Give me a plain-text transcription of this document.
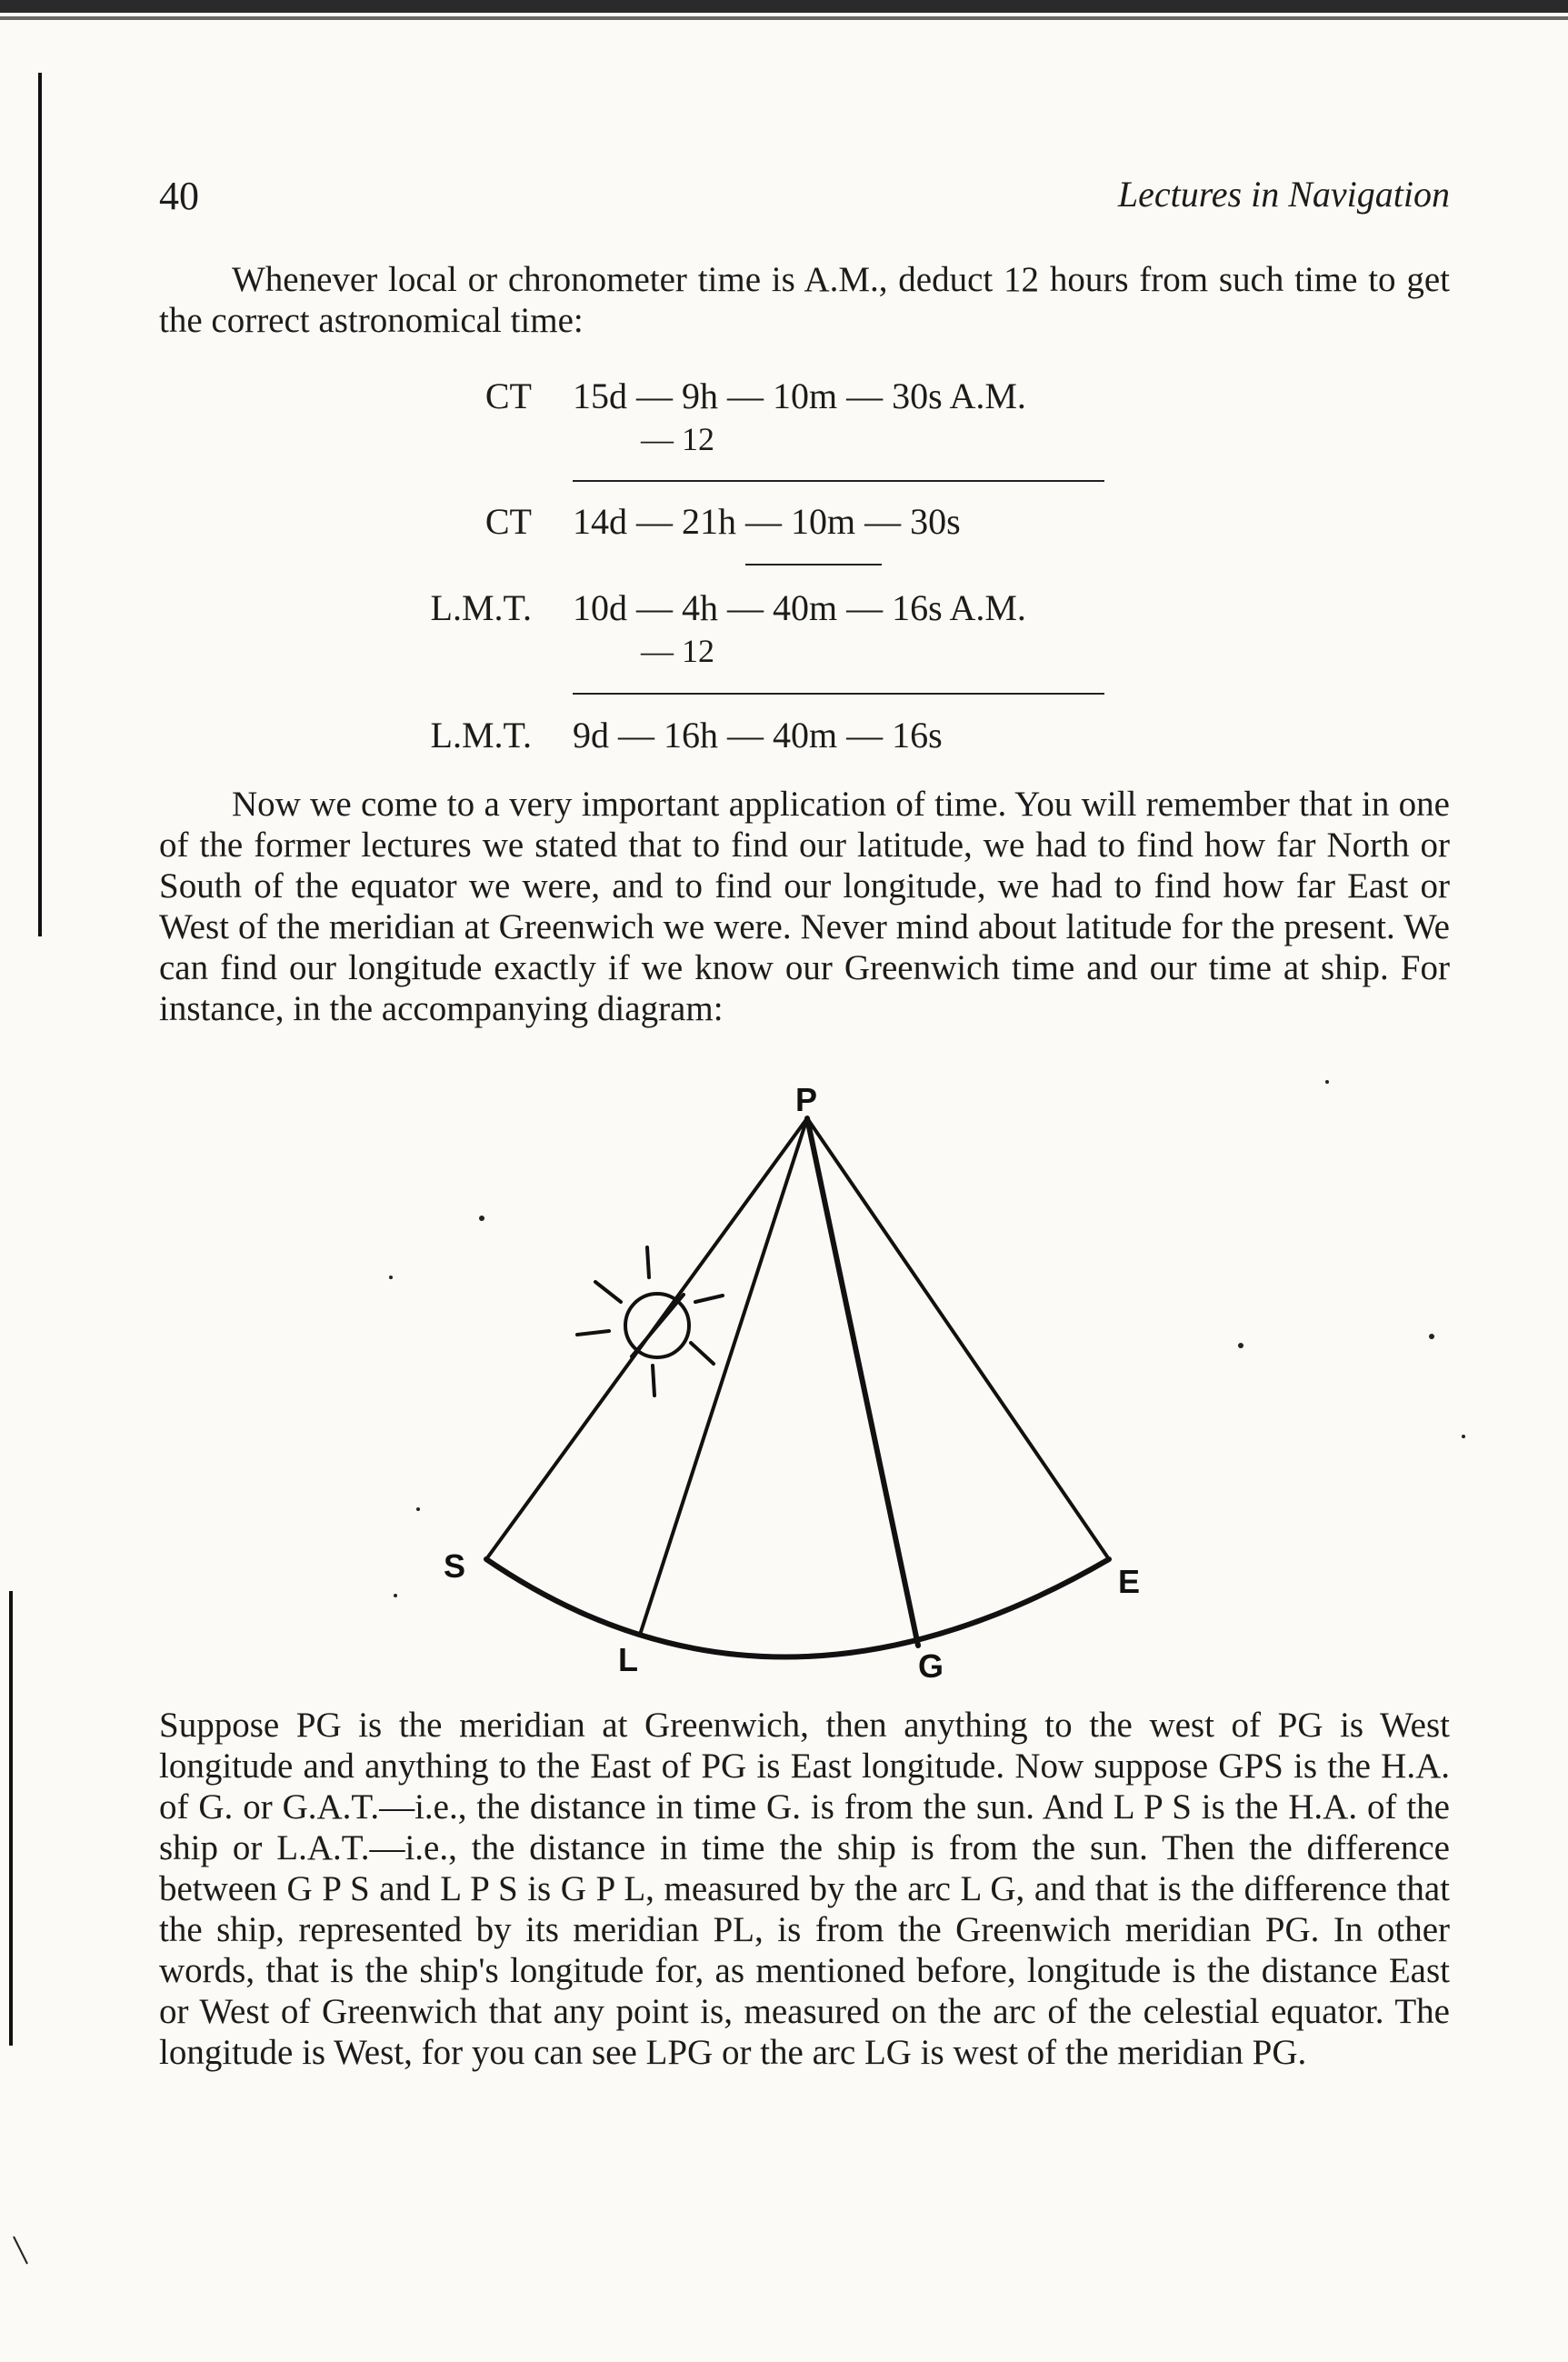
40	Lectures in Navigation

Whenever local or chronometer time is A.M., deduct 12 hours from such time to get the correct astronomical time:

CT 15d — 9h — 10m — 30s A.M.
— 12
CT 14d — 21h — 10m — 30s
L.M.T. 10d — 4h — 40m — 16s A.M.
— 12
L.M.T. 9d — 16h — 40m — 16s

Now we come to a very important application of time. You will remember that in one of the former lectures we stated that to find our latitude, we had to find how far North or South of the equator we were, and to find our longitude, we had to find how far East or West of the meridian at Greenwich we were. Never mind about latitude for the present. We can find our longitude exactly if we know our Greenwich time and our time at ship. For instance, in the accompanying diagram:

P
S
L	G
E

Suppose PG is the meridian at Greenwich, then anything to the west of PG is West longitude and anything to the East of PG is East longitude. Now suppose GPS is the H.A. of G. or G.A.T.—i.e., the distance in time G. is from the sun. And L P S is the H.A. of the ship or L.A.T.—i.e., the distance in time the ship is from the sun. Then the difference between G P S and L P S is G P L, measured by the arc L G, and that is the difference that the ship, represented by its meridian PL, is from the Greenwich meridian PG. In other words, that is the ship's longitude for, as mentioned before, longitude is the distance East or West of Greenwich that any point is, measured on the arc of the celestial equator. The longitude is West, for you can see LPG or the arc LG is west of the meridian PG.
